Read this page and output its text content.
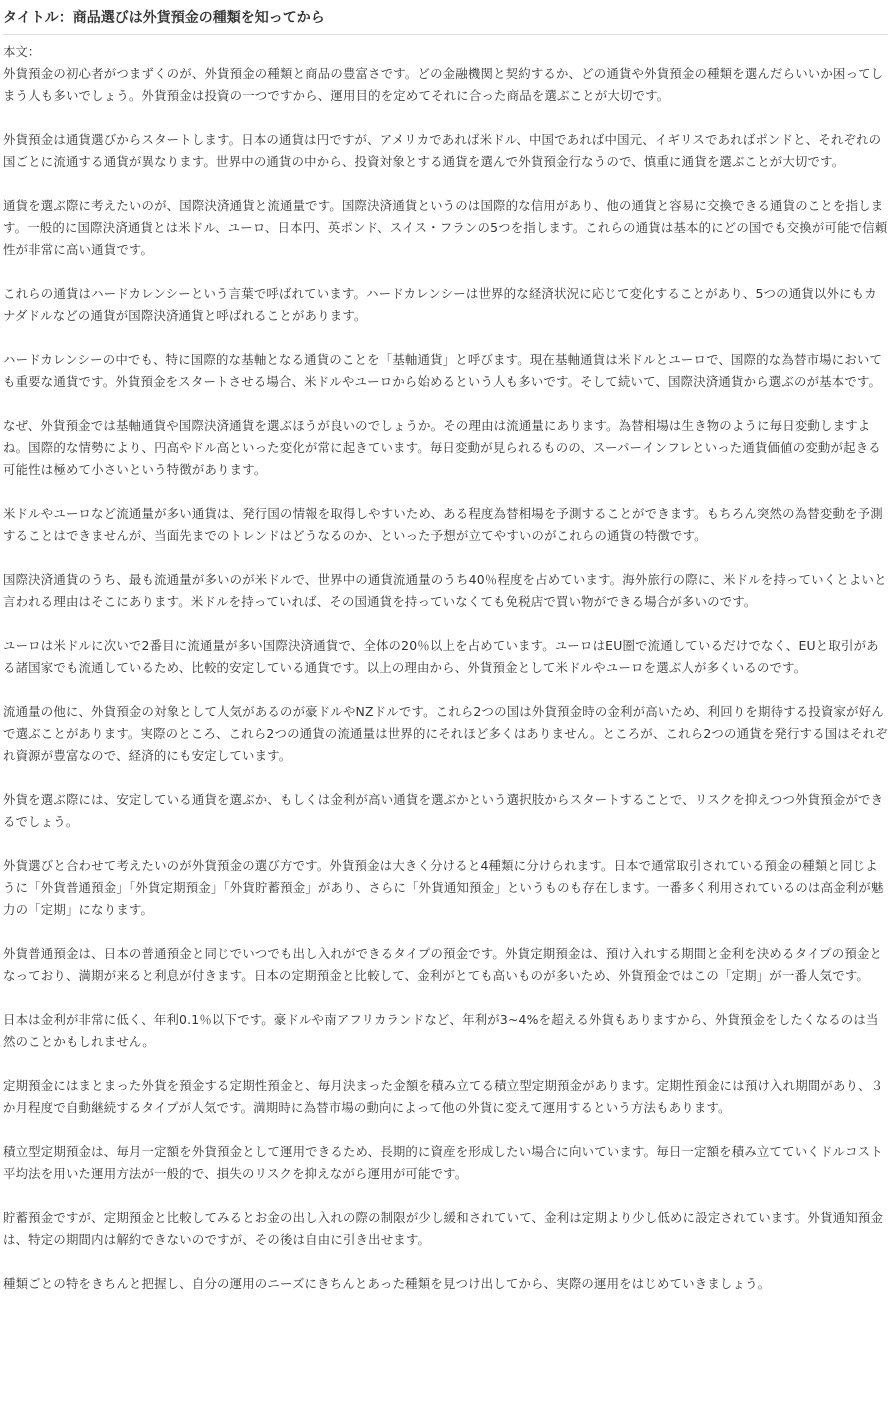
タイトル：商品選びは外貨預金の種類を知ってから
本文：

外貨預金の初心者がつまずくのが、外貨預金の種類と商品の豊富さです。どの金融機関と契約するか、どの通貨や外貨預金の種類を選んだらいいか困ってしまう人も多いでしょう。外貨預金は投資の一つですから、運用目的を定めてそれに合った商品を選ぶことが大切です。

外貨預金は通貨選びからスタートします。日本の通貨は円ですが、アメリカであれば米ドル、中国であれば中国元、イギリスであればポンドと、それぞれの国ごとに流通する通貨が異なります。世界中の通貨の中から、投資対象とする通貨を選んで外貨預金行なうので、慎重に通貨を選ぶことが大切です。

通貨を選ぶ際に考えたいのが、国際決済通貨と流通量です。国際決済通貨というのは国際的な信用があり、他の通貨と容易に交換できる通貨のことを指します。一般的に国際決済通貨とは米ドル、ユーロ、日本円、英ポンド、スイス・フランの5つを指します。これらの通貨は基本的にどの国でも交換が可能で信頼性が非常に高い通貨です。

これらの通貨はハードカレンシーという言葉で呼ばれています。ハードカレンシーは世界的な経済状況に応じて変化することがあり、5つの通貨以外にもカナダドルなどの通貨が国際決済通貨と呼ばれることがあります。

ハードカレンシーの中でも、特に国際的な基軸となる通貨のことを「基軸通貨」と呼びます。現在基軸通貨は米ドルとユーロで、国際的な為替市場においても重要な通貨です。外貨預金をスタートさせる場合、米ドルやユーロから始めるという人も多いです。そして続いて、国際決済通貨から選ぶのが基本です。

なぜ、外貨預金では基軸通貨や国際決済通貨を選ぶほうが良いのでしょうか。その理由は流通量にあります。為替相場は生き物のように毎日変動しますよね。国際的な情勢により、円高やドル高といった変化が常に起きています。毎日変動が見られるものの、スーパーインフレといった通貨価値の変動が起きる可能性は極めて小さいという特徴があります。

米ドルやユーロなど流通量が多い通貨は、発行国の情報を取得しやすいため、ある程度為替相場を予測することができます。もちろん突然の為替変動を予測することはできませんが、当面先までのトレンドはどうなるのか、といった予想が立てやすいのがこれらの通貨の特徴です。

国際決済通貨のうち、最も流通量が多いのが米ドルで、世界中の通貨流通量のうち40％程度を占めています。海外旅行の際に、米ドルを持っていくとよいと言われる理由はそこにあります。米ドルを持っていれば、その国通貨を持っていなくても免税店で買い物ができる場合が多いのです。

ユーロは米ドルに次いで2番目に流通量が多い国際決済通貨で、全体の20％以上を占めています。ユーロはEU圏で流通しているだけでなく、EUと取引がある諸国家でも流通しているため、比較的安定している通貨です。以上の理由から、外貨預金として米ドルやユーロを選ぶ人が多くいるのです。

流通量の他に、外貨預金の対象として人気があるのが豪ドルやNZドルです。これら2つの国は外貨預金時の金利が高いため、利回りを期待する投資家が好んで選ぶことがあります。実際のところ、これら2つの通貨の流通量は世界的にそれほど多くはありません。ところが、これら2つの通貨を発行する国はそれぞれ資源が豊富なので、経済的にも安定しています。

外貨を選ぶ際には、安定している通貨を選ぶか、もしくは金利が高い通貨を選ぶかという選択肢からスタートすることで、リスクを抑えつつ外貨預金ができるでしょう。

外貨選びと合わせて考えたいのが外貨預金の選び方です。外貨預金は大きく分けると4種類に分けられます。日本で通常取引されている預金の種類と同じように「外貨普通預金」「外貨定期預金」「外貨貯蓄預金」があり、さらに「外貨通知預金」というものも存在します。一番多く利用されているのは高金利が魅力の「定期」になります。

外貨普通預金は、日本の普通預金と同じでいつでも出し入れができるタイプの預金です。外貨定期預金は、預け入れする期間と金利を決めるタイプの預金となっており、満期が来ると利息が付きます。日本の定期預金と比較して、金利がとても高いものが多いため、外貨預金ではこの「定期」が一番人気です。

日本は金利が非常に低く、年利0.1％以下です。豪ドルや南アフリカランドなど、年利が3~4%を超える外貨もありますから、外貨預金をしたくなるのは当然のことかもしれません。

定期預金にはまとまった外貨を預金する定期性預金と、毎月決まった金額を積み立てる積立型定期預金があります。定期性預金には預け入れ期間があり、３か月程度で自動継続するタイプが人気です。満期時に為替市場の動向によって他の外貨に変えて運用するという方法もあります。

積立型定期預金は、毎月一定額を外貨預金として運用できるため、長期的に資産を形成したい場合に向いています。毎日一定額を積み立てていくドルコスト平均法を用いた運用方法が一般的で、損失のリスクを抑えながら運用が可能です。

貯蓄預金ですが、定期預金と比較してみるとお金の出し入れの際の制限が少し緩和されていて、金利は定期より少し低めに設定されています。外貨通知預金は、特定の期間内は解約できないのですが、その後は自由に引き出せます。

種類ごとの特をきちんと把握し、自分の運用のニーズにきちんとあった種類を見つけ出してから、実際の運用をはじめていきましょう。
